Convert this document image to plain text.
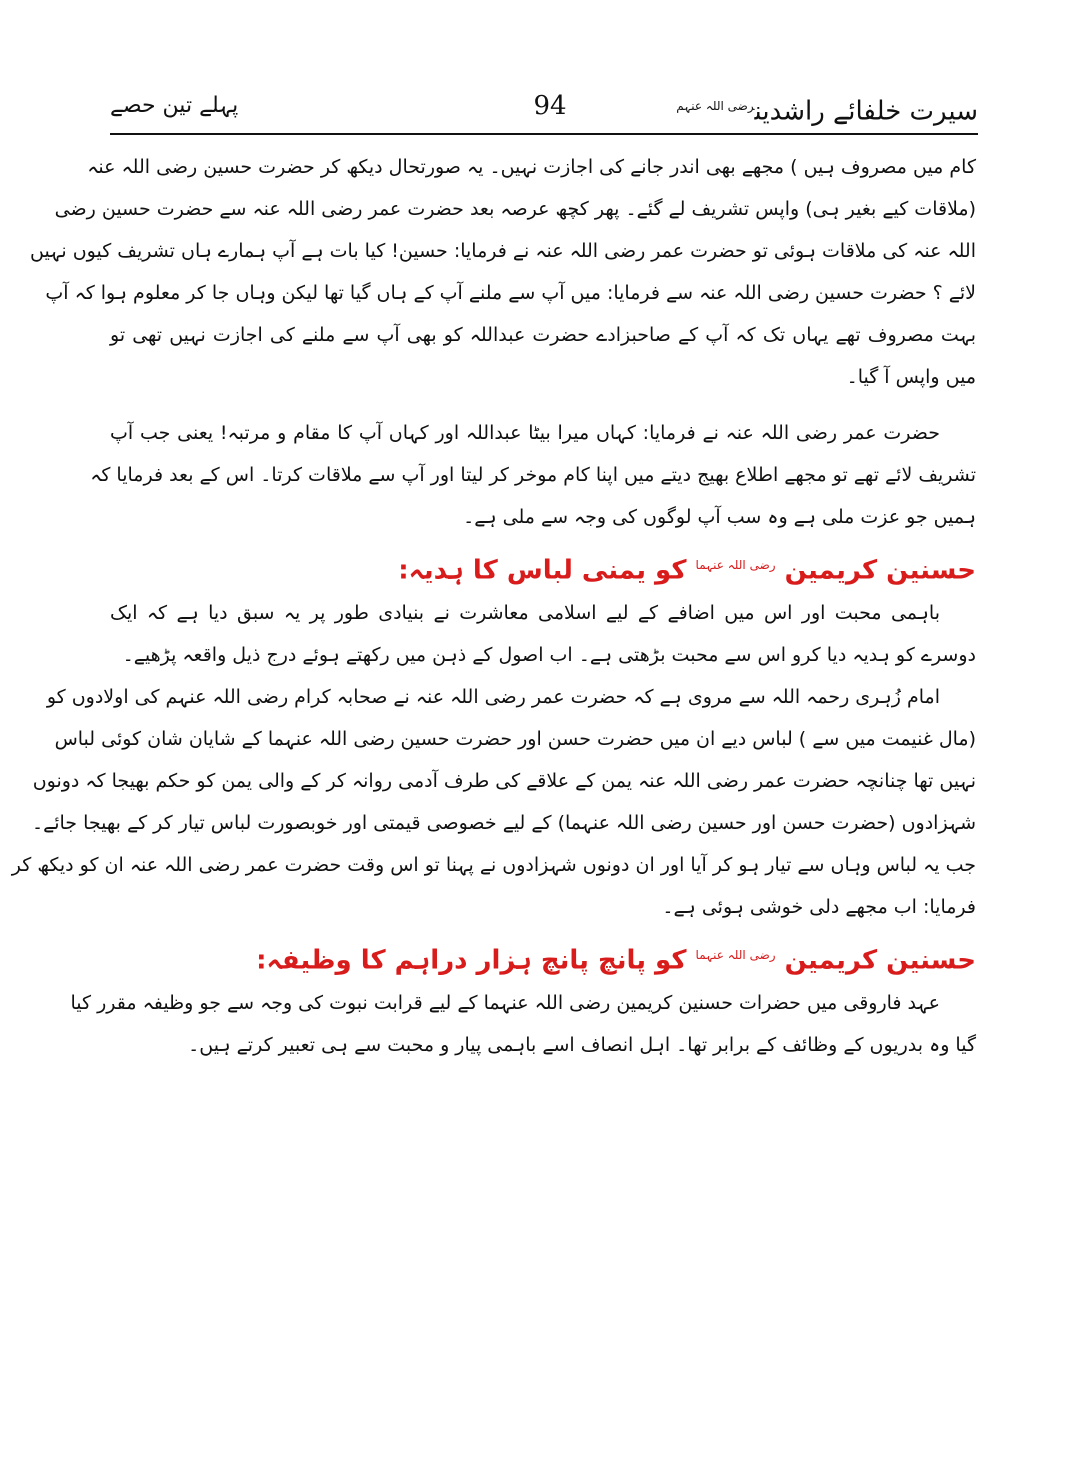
سیرت خلفائے راشدین$^{رضی اللہ عنہم}$
94
پہلے تین حصے
کام میں مصروف ہیں ) مجھے بھی اندر جانے کی اجازت نہیں۔ یہ صورتحال دیکھ کر حضرت حسین رضی اللہ عنہ
(ملاقات کیے بغیر ہی) واپس تشریف لے گئے۔ پھر کچھ عرصہ بعد حضرت عمر رضی اللہ عنہ سے حضرت حسین رضی
اللہ عنہ کی ملاقات ہوئی تو حضرت عمر رضی اللہ عنہ نے فرمایا: حسین! کیا بات ہے آپ ہمارے ہاں تشریف کیوں نہیں
لائے ؟ حضرت حسین رضی اللہ عنہ سے فرمایا: میں آپ سے ملنے آپ کے ہاں گیا تھا لیکن وہاں جا کر معلوم ہوا کہ آپ
بہت مصروف تھے یہاں تک کہ آپ کے صاحبزادے حضرت عبداللہ کو بھی آپ سے ملنے کی اجازت نہیں تھی تو
میں واپس آ گیا۔
حضرت عمر رضی اللہ عنہ نے فرمایا: کہاں میرا بیٹا عبداللہ اور کہاں آپ کا مقام و مرتبہ! یعنی جب آپ
تشریف لائے تھے تو مجھے اطلاع بھیج دیتے میں اپنا کام موخر کر لیتا اور آپ سے ملاقات کرتا۔ اس کے بعد فرمایا کہ
ہمیں جو عزت ملی ہے وہ سب آپ لوگوں کی وجہ سے ملی ہے۔
حسنین کریمین $^{رضی اللہ عنہما}$ کو یمنی لباس کا ہدیہ:
باہمی محبت اور اس میں اضافے کے لیے اسلامی معاشرت نے بنیادی طور پر یہ سبق دیا ہے کہ ایک
دوسرے کو ہدیہ دیا کرو اس سے محبت بڑھتی ہے۔ اب اصول کے ذہن میں رکھتے ہوئے درج ذیل واقعہ پڑھیے۔
امام زُہری رحمہ اللہ سے مروی ہے کہ حضرت عمر رضی اللہ عنہ نے صحابہ کرام رضی اللہ عنہم کی اولادوں کو
(مال غنیمت میں سے ) لباس دیے ان میں حضرت حسن اور حضرت حسین رضی اللہ عنہما کے شایان شان کوئی لباس
نہیں تھا چنانچہ حضرت عمر رضی اللہ عنہ یمن کے علاقے کی طرف آدمی روانہ کر کے والی یمن کو حکم بھیجا کہ دونوں
شہزادوں (حضرت حسن اور حسین رضی اللہ عنہما) کے لیے خصوصی قیمتی اور خوبصورت لباس تیار کر کے بھیجا جائے۔
جب یہ لباس وہاں سے تیار ہو کر آیا اور ان دونوں شہزادوں نے پہنا تو اس وقت حضرت عمر رضی اللہ عنہ ان کو دیکھ کر
فرمایا: اب مجھے دلی خوشی ہوئی ہے۔
حسنین کریمین $^{رضی اللہ عنہما}$ کو پانچ پانچ ہزار دراہم کا وظیفہ:
عہد فاروقی میں حضرات حسنین کریمین رضی اللہ عنہما کے لیے قرابت نبوت کی وجہ سے جو وظیفہ مقرر کیا
گیا وہ بدریوں کے وظائف کے برابر تھا۔ اہل انصاف اسے باہمی پیار و محبت سے ہی تعبیر کرتے ہیں۔
